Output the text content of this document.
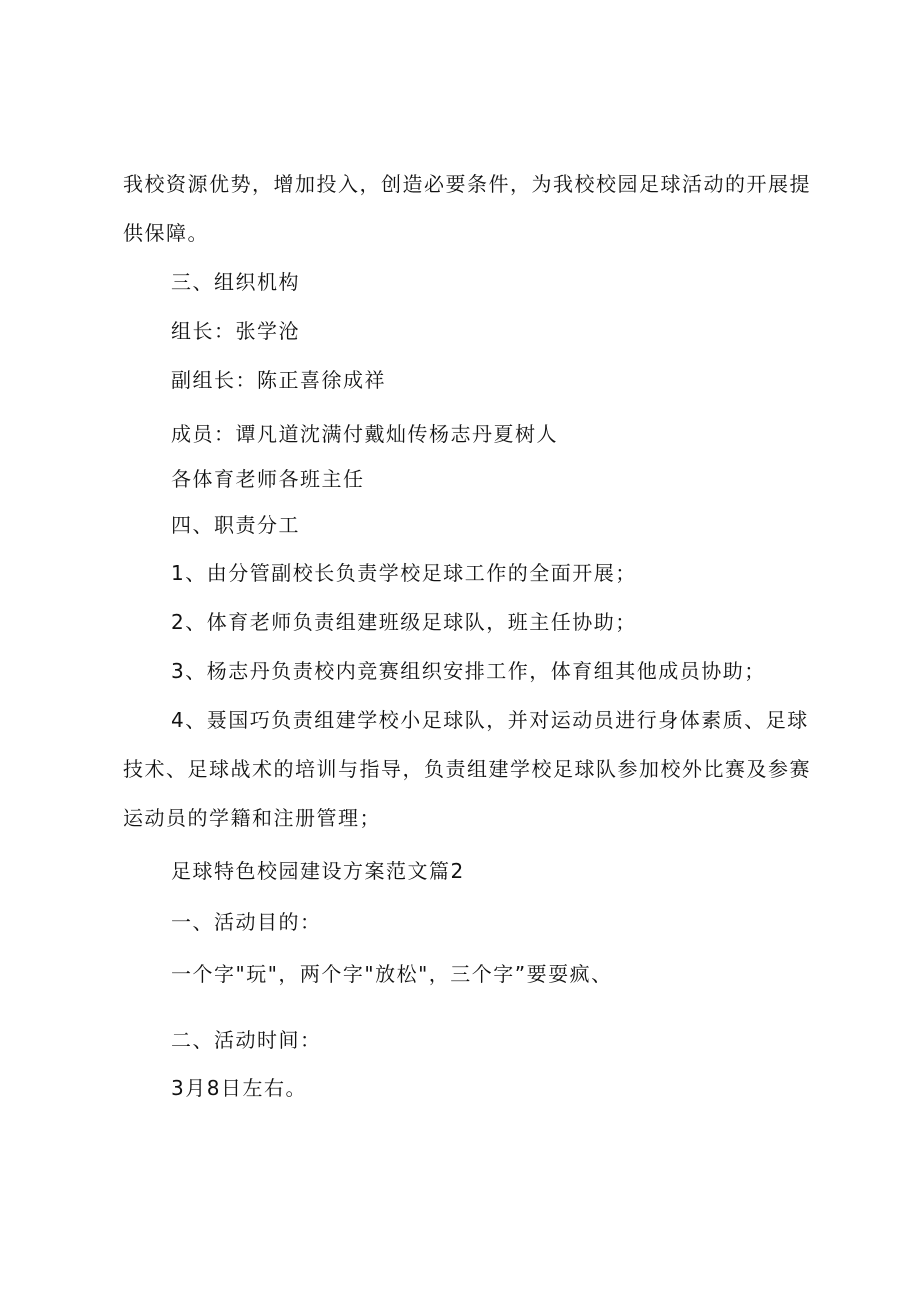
我校资源优势，增加投入，创造必要条件，为我校校园足球活动的开展提
供保障。
三、组织机构
组长：张学沧
副组长：陈正喜徐成祥
成员：谭凡道沈满付戴灿传杨志丹夏树人
各体育老师各班主任
四、职责分工
1、由分管副校长负责学校足球工作的全面开展；
2、体育老师负责组建班级足球队，班主任协助；
3、杨志丹负责校内竞赛组织安排工作，体育组其他成员协助；
4、聂国巧负责组建学校小足球队，并对运动员进行身体素质、足球
技术、足球战术的培训与指导，负责组建学校足球队参加校外比赛及参赛
运动员的学籍和注册管理；
足球特色校园建设方案范文篇2
一、活动目的：
一个字"玩"，两个字"放松"，三个字”要耍疯、
二、活动时间：
3月8日左右。
